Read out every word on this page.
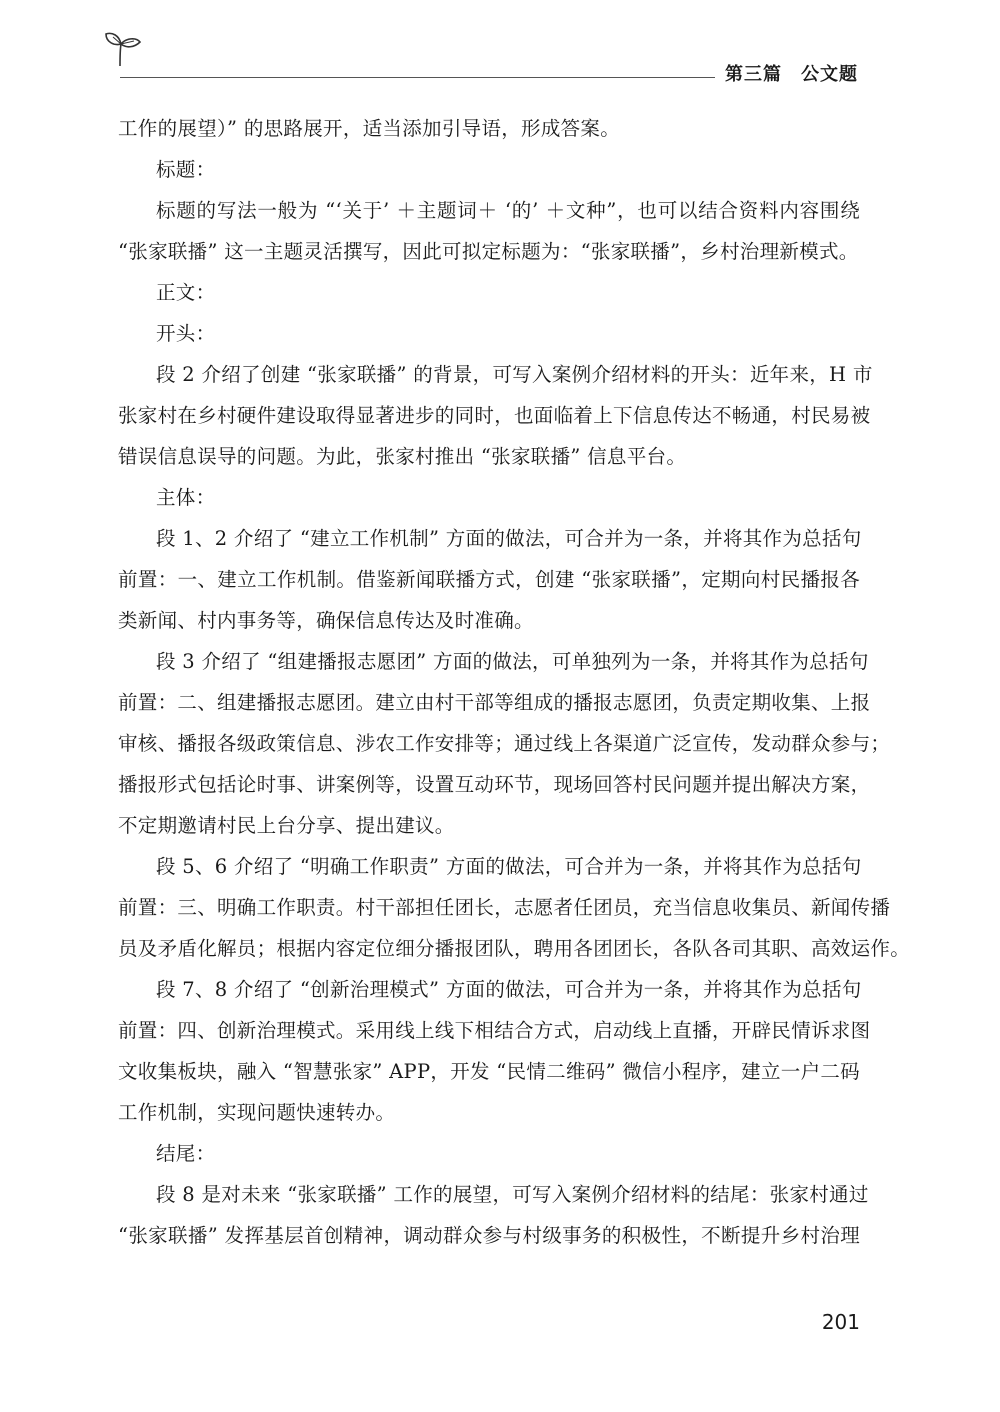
第三篇　公文题
工作的展望）” 的思路展开，适当添加引导语，形成答案。
标题：
标题的写法一般为 “‘关于’ ＋主题词＋ ‘的’ ＋文种”，也可以结合资料内容围绕
“张家联播” 这一主题灵活撰写，因此可拟定标题为：“张家联播”，乡村治理新模式。
正文：
开头：
段 2 介绍了创建 “张家联播” 的背景，可写入案例介绍材料的开头：近年来，H 市
张家村在乡村硬件建设取得显著进步的同时，也面临着上下信息传达不畅通，村民易被
错误信息误导的问题。为此，张家村推出 “张家联播” 信息平台。
主体：
段 1、2 介绍了 “建立工作机制” 方面的做法，可合并为一条，并将其作为总括句
前置：一、建立工作机制。借鉴新闻联播方式，创建 “张家联播”，定期向村民播报各
类新闻、村内事务等，确保信息传达及时准确。
段 3 介绍了 “组建播报志愿团” 方面的做法，可单独列为一条，并将其作为总括句
前置：二、组建播报志愿团。建立由村干部等组成的播报志愿团，负责定期收集、上报
审核、播报各级政策信息、涉农工作安排等；通过线上各渠道广泛宣传，发动群众参与；
播报形式包括论时事、讲案例等，设置互动环节，现场回答村民问题并提出解决方案，
不定期邀请村民上台分享、提出建议。
段 5、6 介绍了 “明确工作职责” 方面的做法，可合并为一条，并将其作为总括句
前置：三、明确工作职责。村干部担任团长，志愿者任团员，充当信息收集员、新闻传播
员及矛盾化解员；根据内容定位细分播报团队，聘用各团团长，各队各司其职、高效运作。
段 7、8 介绍了 “创新治理模式” 方面的做法，可合并为一条，并将其作为总括句
前置：四、创新治理模式。采用线上线下相结合方式，启动线上直播，开辟民情诉求图
文收集板块，融入 “智慧张家” APP，开发 “民情二维码” 微信小程序，建立一户二码
工作机制，实现问题快速转办。
结尾：
段 8 是对未来 “张家联播” 工作的展望，可写入案例介绍材料的结尾：张家村通过
“张家联播” 发挥基层首创精神，调动群众参与村级事务的积极性，不断提升乡村治理
201
